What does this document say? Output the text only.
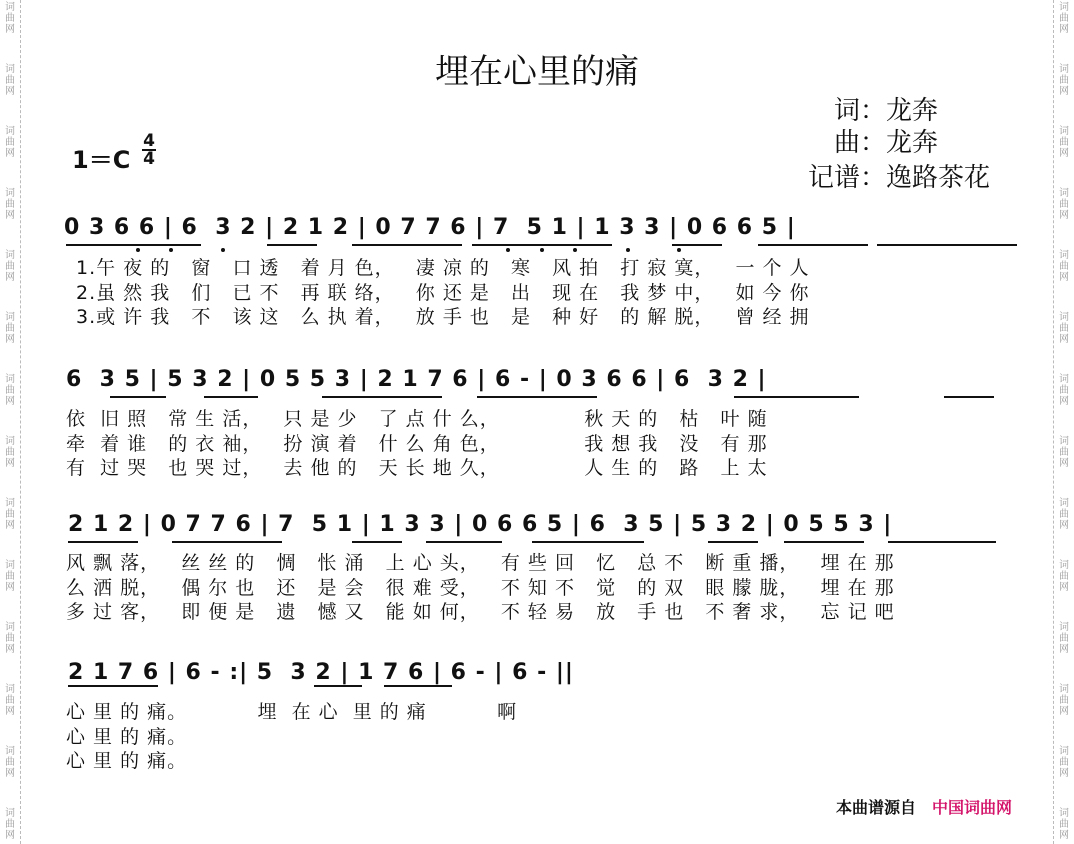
词
曲
网
词
曲
网
词
曲
网
词
曲
网
词
曲
网
词
曲
网
词
曲
网
词
曲
网
词
曲
网
词
曲
网
词
曲
网
词
曲
网
词
曲
网
词
曲
网
词
曲
网
词
曲
网
词
曲
网
词
曲
网
词
曲
网
词
曲
网
词
曲
网
词
曲
网
词
曲
网
词
曲
网
词
曲
网
词
曲
网
词
曲
网
词
曲
网
埋在心里的痛
词：龙奔
曲：龙奔
记谱：逸路茶花
1＝C
4
4
0 3 6 6 | 6  3 2 | 2 1 2 | 0 7 7 6 | 7  5 1 | 1 3 3 | 0 6 6 5 |
1.午 夜 的   窗   口 透   着 月 色，   凄 凉 的   寒   风 拍   打 寂 寞，   一 个 人
2.虽 然 我   们   已 不   再 联 络，   你 还 是   出   现 在   我 梦 中，   如 今 你
3.或 许 我   不   该 这   么 执 着，   放 手 也   是   种 好   的 解 脱，   曾 经 拥
6  3 5 | 5 3 2 | 0 5 5 3 | 2 1 7 6 | 6 - | 0 3 6 6 | 6  3 2 |
依  旧 照   常 生 活，   只 是 少   了 点 什 么，            秋 天 的   枯   叶 随
牵  着 谁   的 衣 袖，   扮 演 着   什 么 角 色，            我 想 我   没   有 那
有  过 哭   也 哭 过，   去 他 的   天 长 地 久，            人 生 的   路   上 太
2 1 2 | 0 7 7 6 | 7  5 1 | 1 3 3 | 0 6 6 5 | 6  3 5 | 5 3 2 | 0 5 5 3 |
风 飘 落，   丝 丝 的   惆   怅 涌   上 心 头，   有 些 回   忆   总 不   断 重 播，   埋 在 那
么 洒 脱，   偶 尔 也   还   是 会   很 难 受，   不 知 不   觉   的 双   眼 朦 胧，   埋 在 那
多 过 客，   即 便 是   遗   憾 又   能 如 何，   不 轻 易   放   手 也   不 奢 求，   忘 记 吧
2 1 7 6 | 6 - :| 5  3 2 | 1 7 6 | 6 - | 6 - ||
心 里 的 痛。          埋  在 心  里 的 痛          啊
心 里 的 痛。
心 里 的 痛。
本曲谱源自 中国词曲网
